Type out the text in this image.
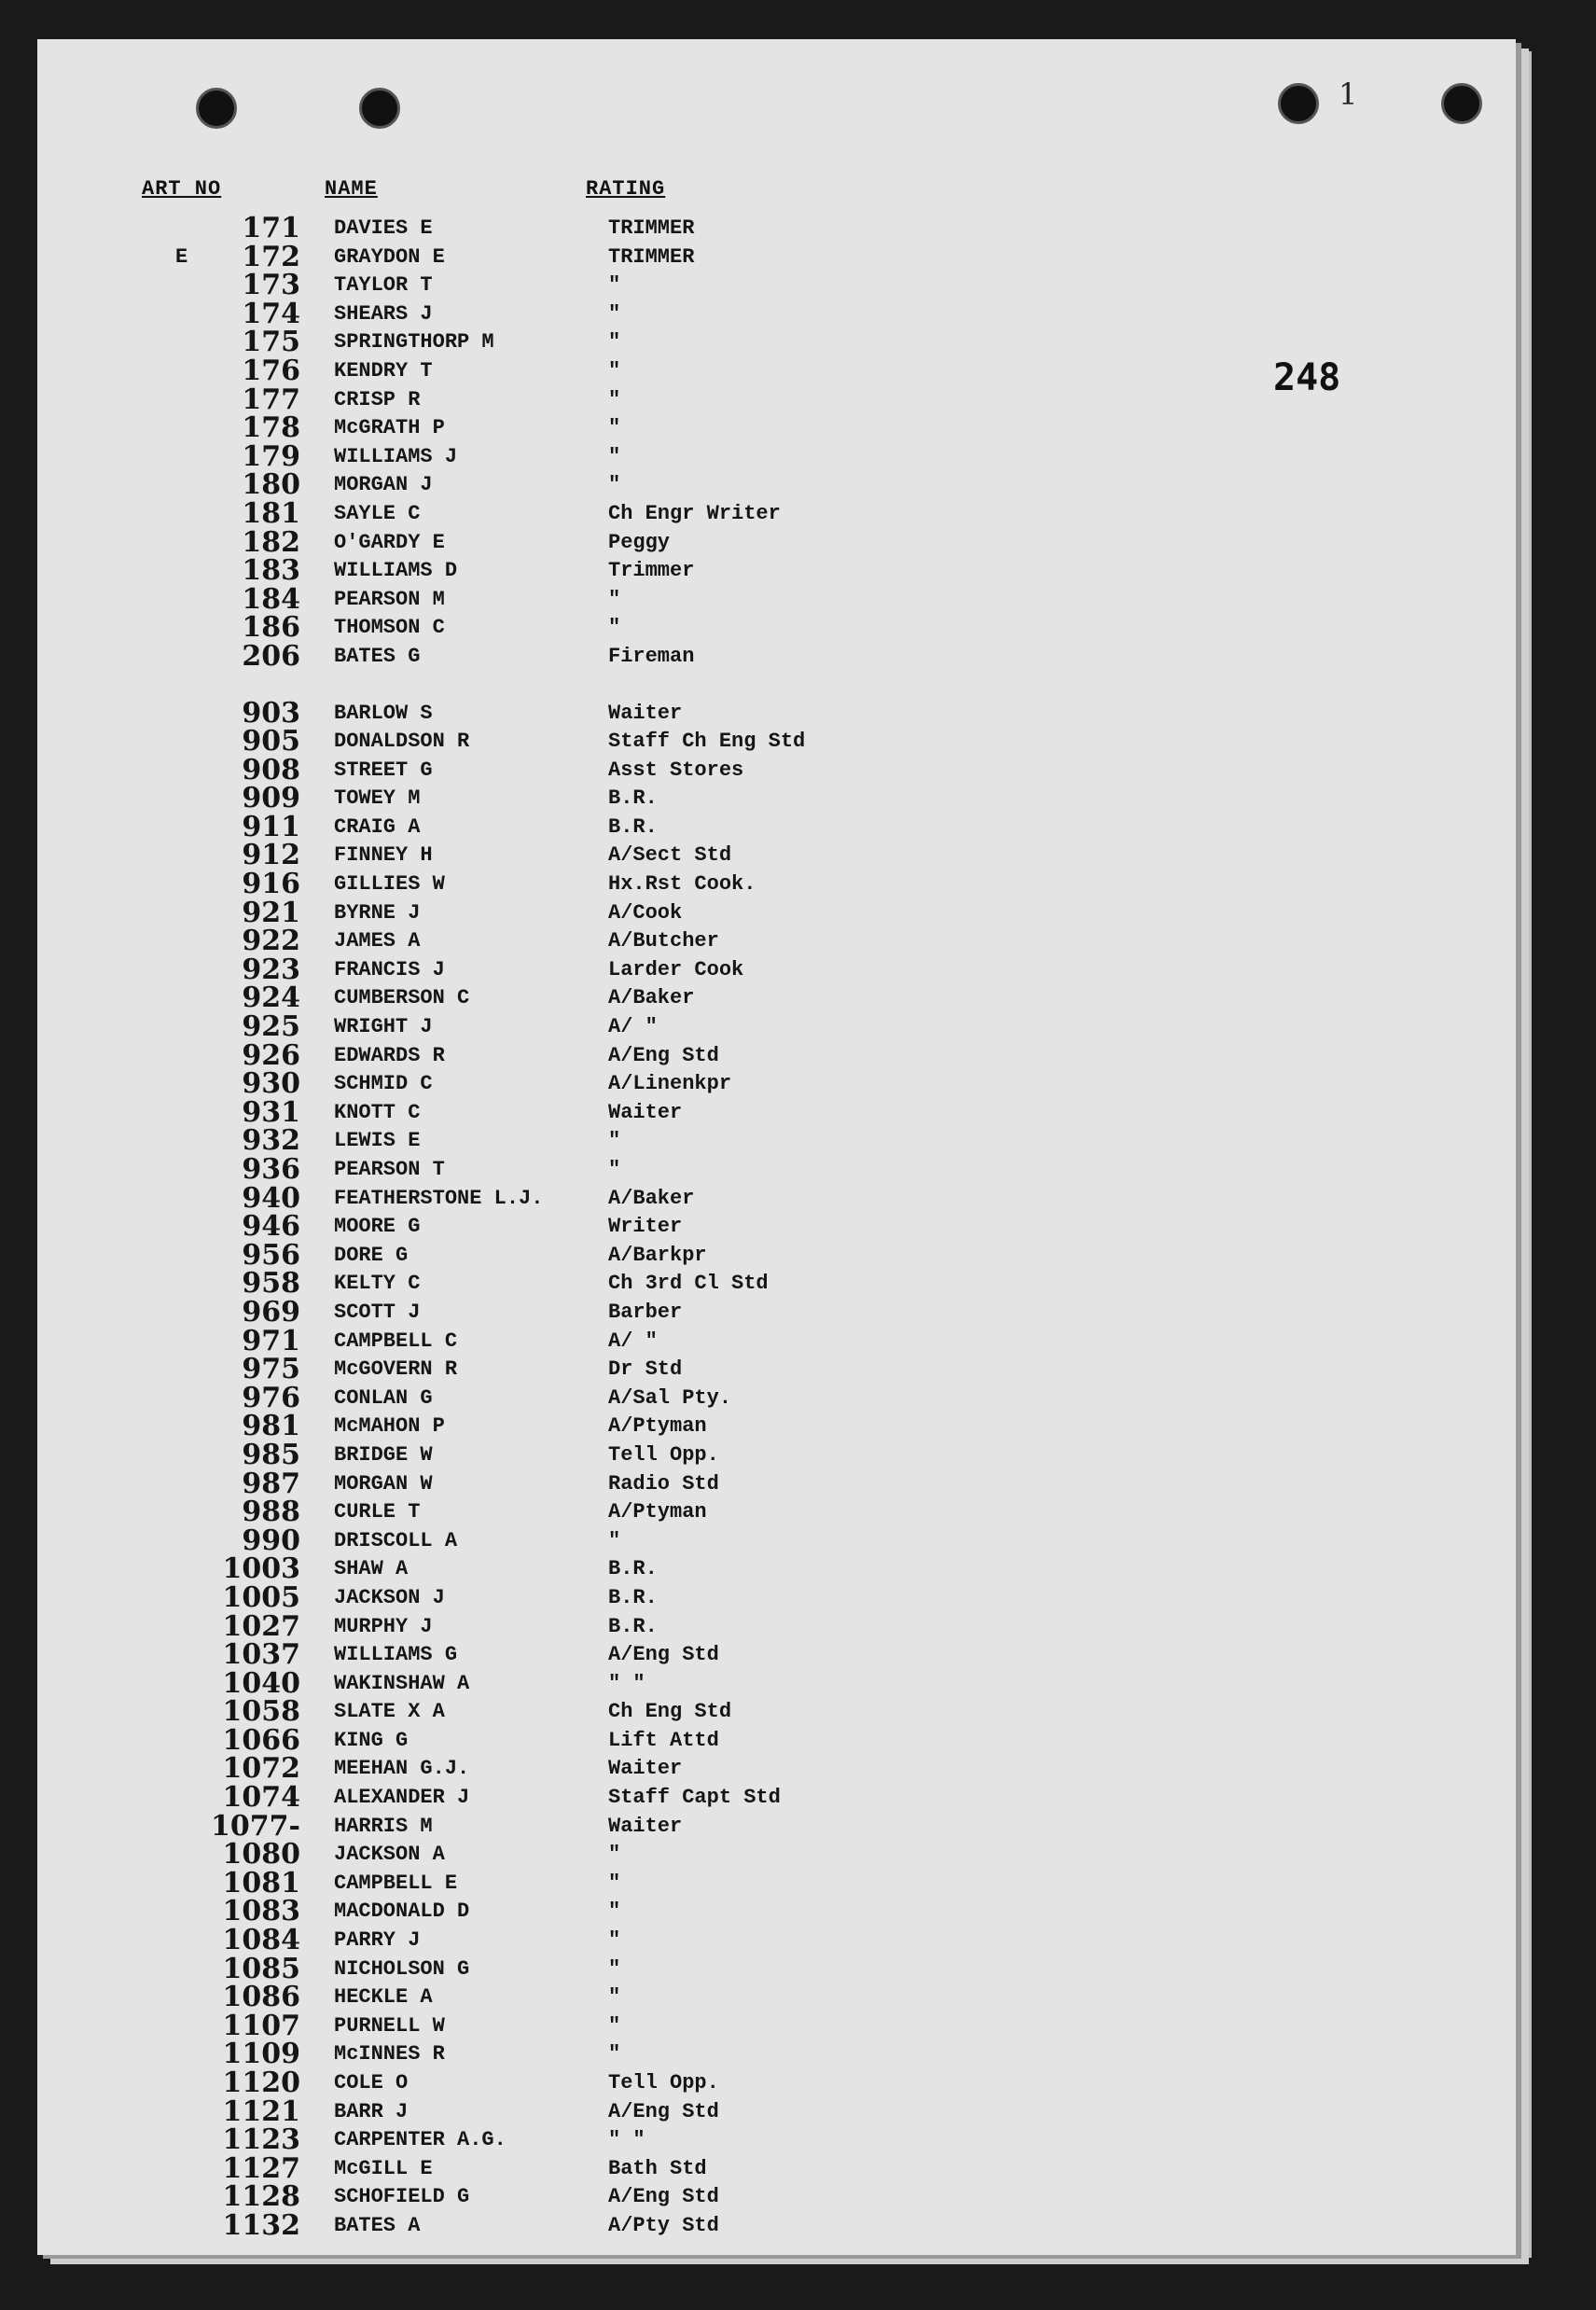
1
248
ART NO	NAME	RATING
171 DAVIES E	TRIMMER
E	172 GRAYDON E	TRIMMER
173 TAYLOR T	"
174 SHEARS J	"
175 SPRINGTHORP M	"
176 KENDRY T	"
177 CRISP R	"
178 McGRATH P	"
179 WILLIAMS J	"
180 MORGAN J	"
181 SAYLE C	Ch Engr Writer
182 O'GARDY E	Peggy
183 WILLIAMS D	Trimmer
184 PEARSON M	"
186 THOMSON C	"
206 BATES G	Fireman
903 BARLOW S	Waiter
905 DONALDSON R	Staff Ch Eng Std
908 STREET G	Asst Stores
909 TOWEY M	B.R.
911 CRAIG A	B.R.
912 FINNEY H	A/Sect Std
916 GILLIES W	Hx.Rst Cook.
921 BYRNE J	A/Cook
922 JAMES A	A/Butcher
923 FRANCIS J	Larder Cook
924 CUMBERSON C	A/Baker
925 WRIGHT J	A/ "
926 EDWARDS R	A/Eng Std
930 SCHMID C	A/Linenkpr
931 KNOTT C	Waiter
932 LEWIS E	"
936 PEARSON T	"
940 FEATHERSTONE L.J.	A/Baker
946 MOORE G	Writer
956 DORE G	A/Barkpr
958 KELTY C	Ch 3rd Cl Std
969 SCOTT J	Barber
971 CAMPBELL C	A/ "
975 McGOVERN R	Dr Std
976 CONLAN G	A/Sal Pty.
981 McMAHON P	A/Ptyman
985 BRIDGE W	Tell Opp.
987 MORGAN W	Radio Std
988 CURLE T	A/Ptyman
990 DRISCOLL A	"
1003 SHAW A	B.R.
1005 JACKSON J	B.R.
1027 MURPHY J	B.R.
1037 WILLIAMS G	A/Eng Std
1040 WAKINSHAW A	" "
1058 SLATE X A	Ch Eng Std
1066 KING G	Lift Attd
1072 MEEHAN G.J.	Waiter
1074 ALEXANDER J	Staff Capt Std
1077- HARRIS M	Waiter
1080 JACKSON A	"
1081 CAMPBELL E	"
1083 MACDONALD D	"
1084 PARRY J	"
1085 NICHOLSON G	"
1086 HECKLE A	"
1107 PURNELL W	"
1109 McINNES R	"
1120 COLE O	Tell Opp.
1121 BARR J	A/Eng Std
1123 CARPENTER A.G.	" "
1127 McGILL E	Bath Std
1128 SCHOFIELD G	A/Eng Std
1132 BATES A	A/Pty Std
